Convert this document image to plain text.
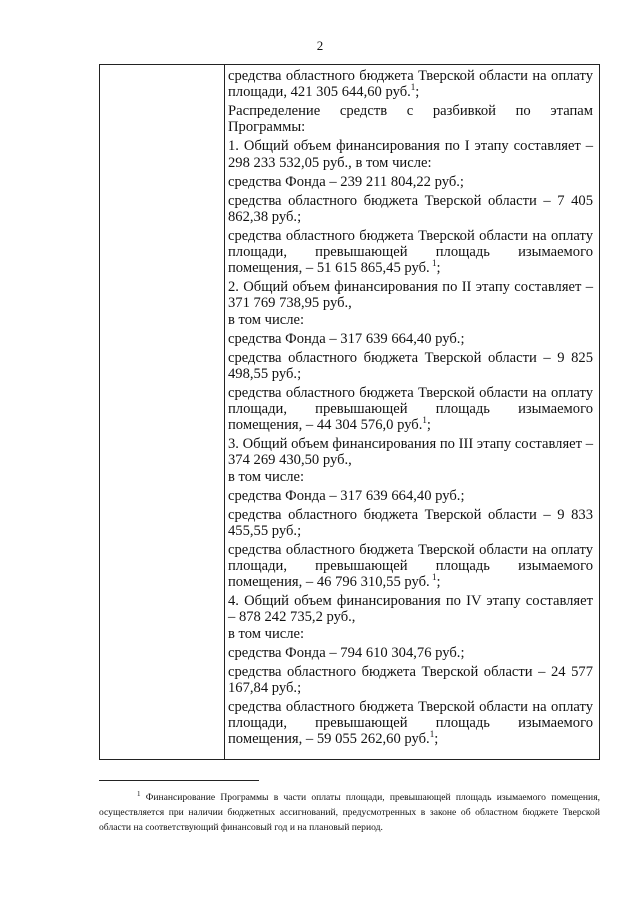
2

средства областного бюджета Тверской области на оплату площади, 421 305 644,60 руб.$^1$;

Распределение средств с разбивкой по этапам Программы:

1. Общий объем финансирования по I этапу составляет – 298 233 532,05 руб., в том числе:

средства Фонда – 239 211 804,22 руб.;

средства областного бюджета Тверской области – 7 405 862,38 руб.;

средства областного бюджета Тверской области на оплату площади, превышающей площадь изымаемого помещения, – 51 615 865,45 руб. $^1$;

2. Общий объем финансирования по II этапу составляет – 371 769 738,95 руб.,

в том числе:

средства Фонда – 317 639 664,40 руб.;

средства областного бюджета Тверской области – 9 825 498,55 руб.;

средства областного бюджета Тверской области на оплату площади, превышающей площадь изымаемого помещения, – 44 304 576,0 руб.$^1$;

3. Общий объем финансирования по III этапу составляет – 374 269 430,50 руб.,

в том числе:

средства Фонда – 317 639 664,40 руб.;

средства областного бюджета Тверской области – 9 833 455,55 руб.;

средства областного бюджета Тверской области на оплату площади, превышающей площадь изымаемого помещения, – 46 796 310,55 руб. $^1$;

4. Общий объем финансирования по IV этапу составляет – 878 242 735,2 руб.,

в том числе:

средства Фонда – 794 610 304,76 руб.;

средства областного бюджета Тверской области – 24 577 167,84 руб.;

средства областного бюджета Тверской области на оплату площади, превышающей площадь изымаемого помещения, – 59 055 262,60 руб.$^1$;

$^1$ Финансирование Программы в части оплаты площади, превышающей площадь изымаемого помещения, осуществляется при наличии бюджетных ассигнований, предусмотренных в законе об областном бюджете Тверской области на соответствующий финансовый год и на плановый период.
